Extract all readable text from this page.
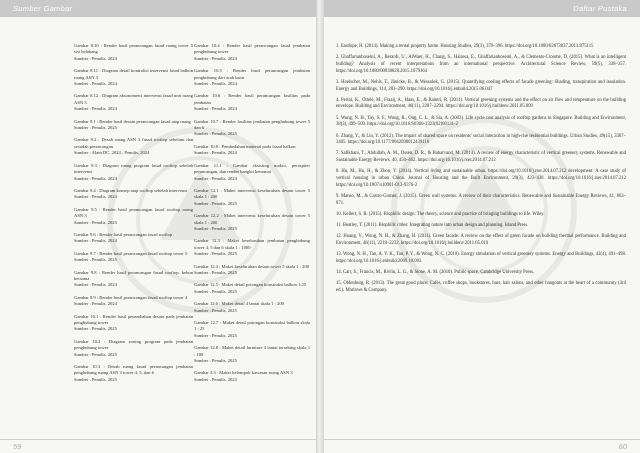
Sumber Gambar
Gambar 8.10 : Render hasil perancangan fasad ruang tower 5 sisi belakang
Sumber : Penulis, 2024
Gambar 8.11 : Diagram detail kontrolisi intervensi fasad balkon ruang ASN 3
Sumber : Penulis, 2024
Gambar 8.12 : Diagram aksonometri intervensi fasad unit ruang ASN 3
Sumber : Penulis, 2024
Gambar 9.1 : Render hasil desain perancangan fasad atap ruang
Sumber : Penulis, 2025
Gambar 9.2 : Desah ruang ASN 3 fasad rooftop sebelum dan sesudah perancangan
Sumber : Alain DC, 2024 ; Penulis, 2024
Gambar 9.3 : Diagram ruang program fasad rooftop sebelah intervensi
Sumber : Penulis, 2024
Gambar 9.4 : Diagram konsep atap rooftop sebelah intervensi
Sumber : Penulis, 2024
Gambar 9.5 : Render hasil perancangan fasad rooftop ruang ASN 3
Sumber : Penulis, 2025
Gambar 9.6 : Render hasil perancangan fasad rooftop
Sumber : Penulis, 2024
Gambar 9.7 : Render hasil perancangan fasad rooftop tower 5
Sumber : Penulis, 2025
Gambar 9.8 : Render hasil perancangan fasad rooftop, kebun bersama
Sumber : Penulis, 2024
Gambar 9.9 : Render hasil perancangan fasad rooftop tower 4
Sumber : Penulis, 2024
Gambar 10.1 : Render hasil penambahan desain pada jembatan penghubung tower
Sumber : Penulis, 2025
Gambar 10.2 : Diagram zoning program pada jembatan penghubung tower
Sumber : Penulis, 2025
Gambar 10.3 : Desah ruang fasad perancangan jembatan penghubung ruang ASN 3 tower 4, 5, dan 6
Sumber : Penulis, 2025
Gambar 10.4 : Render hasil perancangan fasad jembatan penghubung tower
Sumber : Penulis, 2024
Gambar 10.5 : Render hasil perancangan jembatan penghubung dari arah barat
Sumber : Penulis, 2024
Gambar 10.6 : Render hasil perancangan fasilitas pada jembatan
Sumber : Penulis, 2024
Gambar 10.7 : Render fasilitas jembatan penghubung tower 5 dan 6
Sumber : Penulis, 2025
Gambar 10.8 : Pembedahan material pada fasad balkon
Sumber : Penulis, 2024
Gambar 11.1 : Gambar eksisting makro, peraspiter perancangan, dan render bangkit kenomai
Sumber : Penulis, 2024
Gambar 12.1 : Maket intervensi keseluruhan desain tower 5 skala 1 : 200
Sumber : Penulis, 2025
Gambar 12.2 : Maket intervensi keseluruhan desain tower 5 skala 1 : 200
Sumber : Penulis, 2025
Gambar 12.3 : Maket keseluruhan jembatan penghubung tower 4, 5 dan 6 skala 1 : 1000
Sumber : Penulis, 2025
Gambar 12.4 : Maket keseluruhan desain tower 5 skala 1 : 200
Sumber : Penulis, 2025
Gambar 12.5 : Maket detail potongan konstruksi balkon 1:25
Sumber : Penulis, 2025
Gambar 12.6 : Maket detail 4 lantai skala 1 : 200
Sumber : Penulis, 2025
Gambar 12.7 : Maket detail potongan konstruksi balkon skala 1 : 25
Sumber : Penulis, 2025
Gambar 12.8 : Maket detail furniture 4 lantai tersebing skala 1 : 100
Sumber : Penulis, 2025
Gambar 3.3 : Maket kelompok kawasan ruang ASN 3
Sumber : Penulis, 2023
59
Daftar Pustaka
1. Eastlope, H. (2014). Making a rental property home. Housing Studies, 29(3), 379–396. https://doi.org/10.1080/02673037.2013.875115
2. Ghaffarianhoseini, A., Berardi, U., AlWaer, H., Chang, S., Halawa, E., Ghaffarianhoseini, A., & Clements-Croome, D. (2015). What is an intelligent building? Analysis of recent interpretations from an international perspective. Architectural Science Review, 59(5), 338–357. https://doi.org/10.1080/00038628.2015.1079164
3. Hoelscher, M., Nehls, T., Jänicke, B., & Wessolek, G. (2015). Quantifying cooling effects of facade greening: Shading, transpiration and insulation. Energy and Buildings, 114, 283–290. https://doi.org/10.1016/j.enbuild.2015.06.047
4. Perini, K., Ottelé, M., Fraaij, A., Haas, E., & Raiteri, R. (2011). Vertical greening systems and the effect on air flow and temperature on the building envelope. Building and Environment, 46(11), 2287–2294. https://doi.org/10.1016/j.buildenv.2011.05.009
5. Wong, N. H., Tay, S. F., Wong, R., Ong, C. L., & Sia, A. (2003). Life cycle cost analysis of rooftop gardens in Singapore. Building and Environment, 38(3), 499–509. https://doi.org/10.1016/S0360-1323(02)00131-2
6. Zhang, Y., & Liu, Y. (2012). The impact of shared space on residents' social interaction in high-rise residential buildings. Urban Studies, 49(15), 3387–3405. https://doi.org/10.1177/0042098012439116
7. Safikhani, T., Abdullah, A. M., Ossen, D. R., & Baharvand, M. (2014). A review of energy characteristic of vertical greenery systems. Renewable and Sustainable Energy Reviews, 40, 450–462. https://doi.org/10.1016/j.rser.2014.07.212
8. Hu, M., Hu, H., & Zhou, Y. (2014). Vertical living and sustainable urban. https://doi.org/10.1016/j.rser.2014.07.212 development: A case study of vertical housing in urban China. Journal of Housing and the Built Environment, 29(3), 423–438. https://doi.org/10.1016/j.rser.2014.07.212 https://doi.org/10.1007/s10901-013-9376-2
9. Manso, M., & Castro-Gomes, J. (2015). Green wall systems: A review of their characteristics. Renewable and Sustainable Energy Reviews, 41, 863–871.
10. Kellert, S. R. (2015). Biophilic design: The theory, science and practice of bringing buildings to life. Wiley.
11. Beatley, T. (2011). Biophilic cities: Integrating nature into urban design and planning. Island Press.
12. Hoang, V., Wong, N. H., & Zhang, H. (2011). Green facade: A review on the effect of green facade on building thermal performance. Building and Environment, 46(11), 2218–2232. https://doi.org/10.1016/j.buildenv.2011.05.010
13. Wong, N. H., Tan, A. Y. K., Tan, P. Y., & Wong, N. C. (2010). Energy simulation of vertical greenery systems. Energy and Buildings, 42(4), 491–498. https://doi.org/10.1016/j.enbuild.2009.10.003
14. Carr, S., Francis, M., Rivlin, L. G., & Stone, A. M. (2010). Public space. Cambridge University Press.
15. Oldenburg, R. (2013). The great good place: Cafés, coffee shops, bookstores, bars, hair salons, and other hangouts at the heart of a community (3rd ed.). Marlowe & Company.
60
